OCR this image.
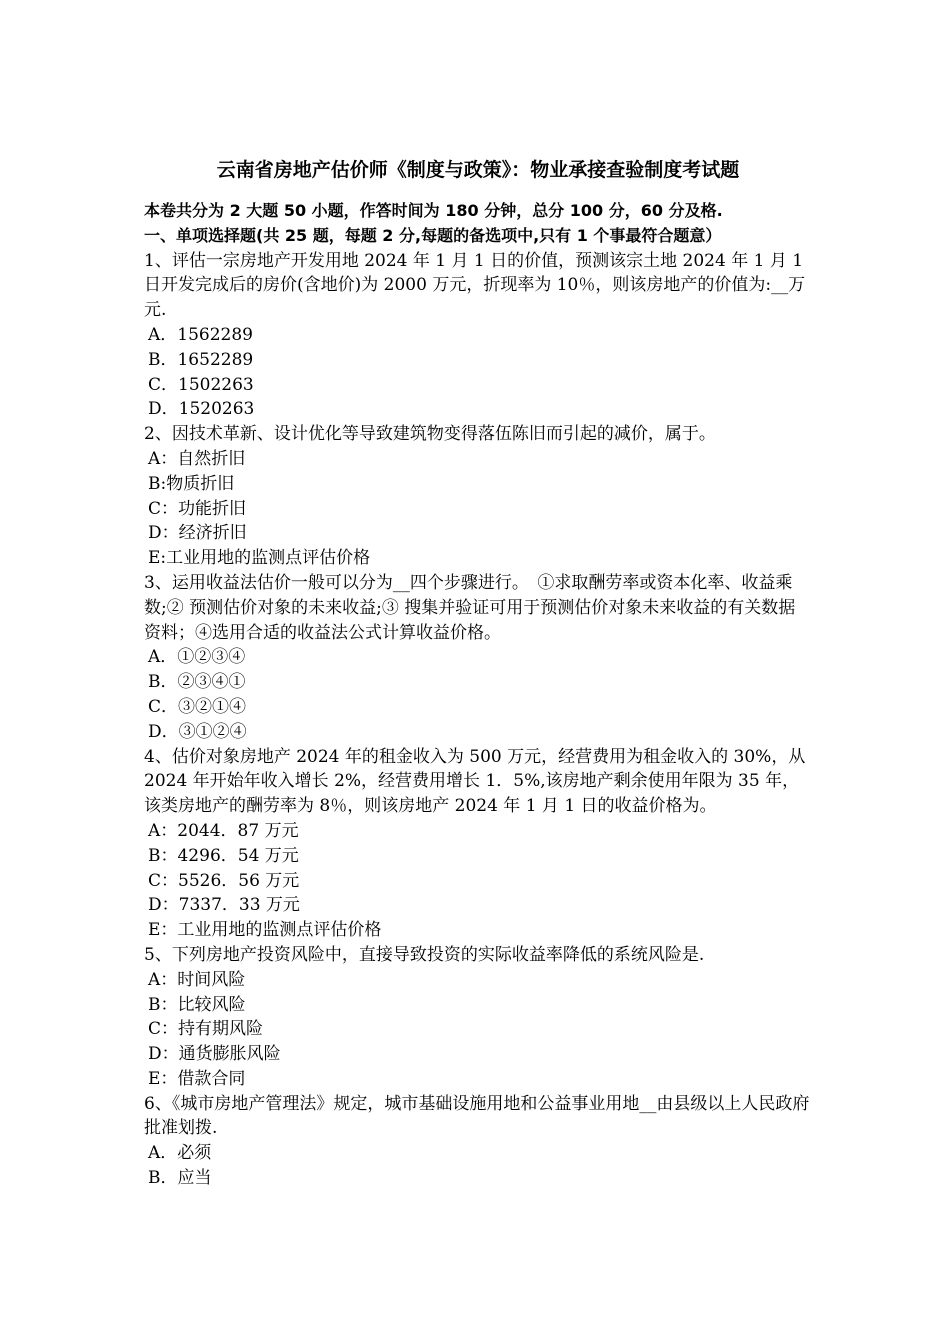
云南省房地产估价师《制度与政策》：物业承接查验制度考试题

本卷共分为 2 大题 50 小题，作答时间为 180 分钟，总分 100 分，60 分及格.

一、单项选择题(共 25 题，每题 2 分,每题的备选项中,只有 1 个事最符合题意）

1、评估一宗房地产开发用地 2024 年 1 月 1 日的价值，预测该宗土地 2024 年 1 月 1 日开发完成后的房价(含地价)为 2000 万元，折现率为 10％，则该房地产的价值为:__万元.

A．1562289

B．1652289

C．1502263

D．1520263

2、因技术革新、设计优化等导致建筑物变得落伍陈旧而引起的减价，属于。

A：自然折旧

B:物质折旧

C：功能折旧

D：经济折旧

E:工业用地的监测点评估价格

3、运用收益法估价一般可以分为__四个步骤进行。　①求取酬劳率或资本化率、收益乘数;② 预测估价对象的未来收益;③ 搜集并验证可用于预测估价对象未来收益的有关数据资料；④选用合适的收益法公式计算收益价格。

A．①②③④

B．②③④①

C．③②①④

D．③①②④

4、估价对象房地产 2024 年的租金收入为 500 万元，经营费用为租金收入的 30%，从 2024 年开始年收入增长 2%，经营费用增长 1．5%,该房地产剩余使用年限为 35 年，该类房地产的酬劳率为 8％，则该房地产 2024 年 1 月 1 日的收益价格为。

A：2044．87 万元

B：4296．54 万元

C：5526．56 万元

D：7337．33 万元

E：工业用地的监测点评估价格

5、下列房地产投资风险中，直接导致投资的实际收益率降低的系统风险是.

A：时间风险

B：比较风险

C：持有期风险

D：通货膨胀风险

E：借款合同

6、《城市房地产管理法》规定，城市基础设施用地和公益事业用地__由县级以上人民政府批准划拨.

A．必须

B．应当
